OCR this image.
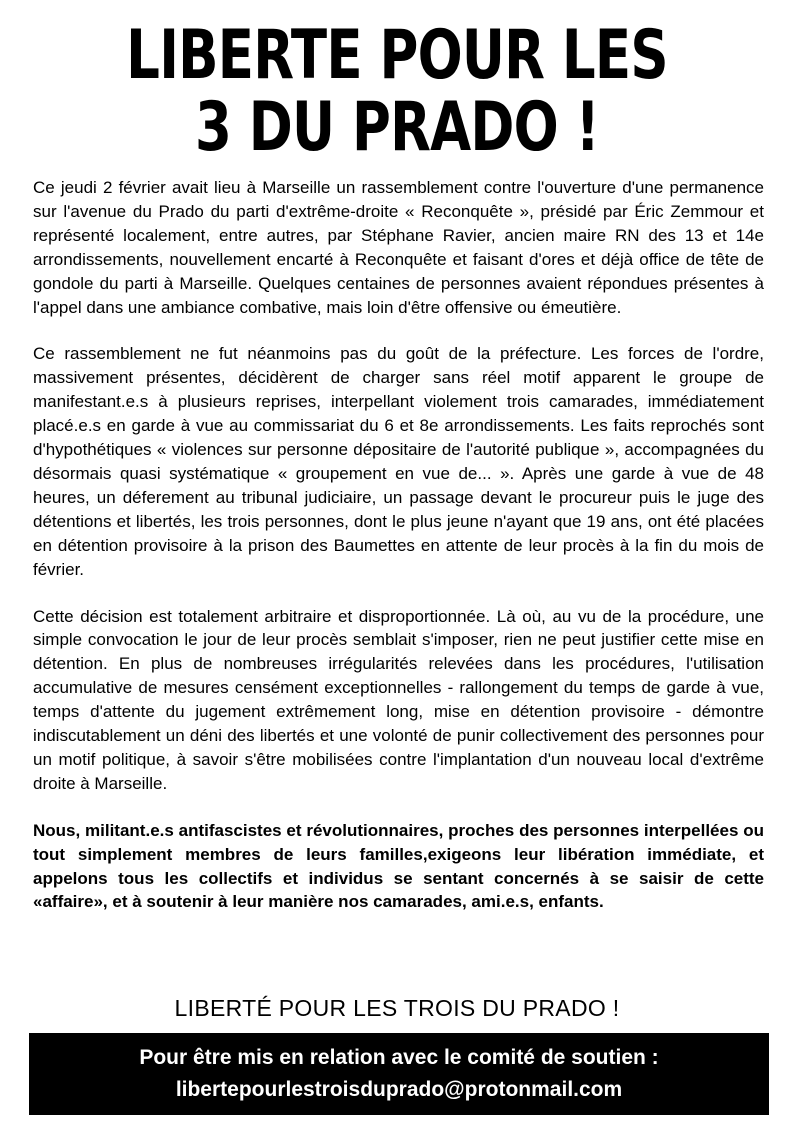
LIBERTE POUR LES
3 DU PRADO !

Ce jeudi 2 février avait lieu à Marseille un rassemblement contre l'ouverture d'une permanence sur l'avenue du Prado du parti d'extrême-droite « Reconquête », présidé par Éric Zemmour et représenté localement, entre autres, par Stéphane Ravier, ancien maire RN des 13 et 14e arrondissements, nouvellement encarté à Reconquête et faisant d'ores et déjà office de tête de gondole du parti à Marseille. Quelques centaines de personnes avaient répondues présentes à l'appel dans une ambiance combative, mais loin d'être offensive ou émeutière.

Ce rassemblement ne fut néanmoins pas du goût de la préfecture. Les forces de l'ordre, massivement présentes, décidèrent de charger sans réel motif apparent le groupe de manifestant.e.s à plusieurs reprises, interpellant violement trois camarades, immédiatement placé.e.s en garde à vue au commissariat du 6 et 8e arrondissements. Les faits reprochés sont d'hypothétiques « violences sur personne dépositaire de l'autorité publique », accompagnées du désormais quasi systématique « groupement en vue de... ». Après une garde à vue de 48 heures, un déferement au tribunal judiciaire, un passage devant le procureur puis le juge des détentions et libertés, les trois personnes, dont le plus jeune n'ayant que 19 ans, ont été placées en détention provisoire à la prison des Baumettes en attente de leur procès à la fin du mois de février.

Cette décision est totalement arbitraire et disproportionnée. Là où, au vu de la procédure, une simple convocation le jour de leur procès semblait s'imposer, rien ne peut justifier cette mise en détention. En plus de nombreuses irrégularités relevées dans les procédures, l'utilisation accumulative de mesures censément exceptionnelles - rallongement du temps de garde à vue, temps d'attente du jugement extrêmement long, mise en détention provisoire - démontre indiscutablement un déni des libertés et une volonté de punir collectivement des personnes pour un motif politique, à savoir s'être mobilisées contre l'implantation d'un nouveau local d'extrême droite à Marseille.

Nous, militant.e.s antifascistes et révolutionnaires, proches des personnes interpellées ou tout simplement membres de leurs familles,exigeons leur libération immédiate, et appelons tous les collectifs et individus se sentant concernés à se saisir de cette «affaire», et à soutenir à leur manière nos camarades, ami.e.s, enfants.

LIBERTÉ POUR LES TROIS DU PRADO !
Pour être mis en relation avec le comité de soutien :
libertepourlestroisduprado@protonmail.com
